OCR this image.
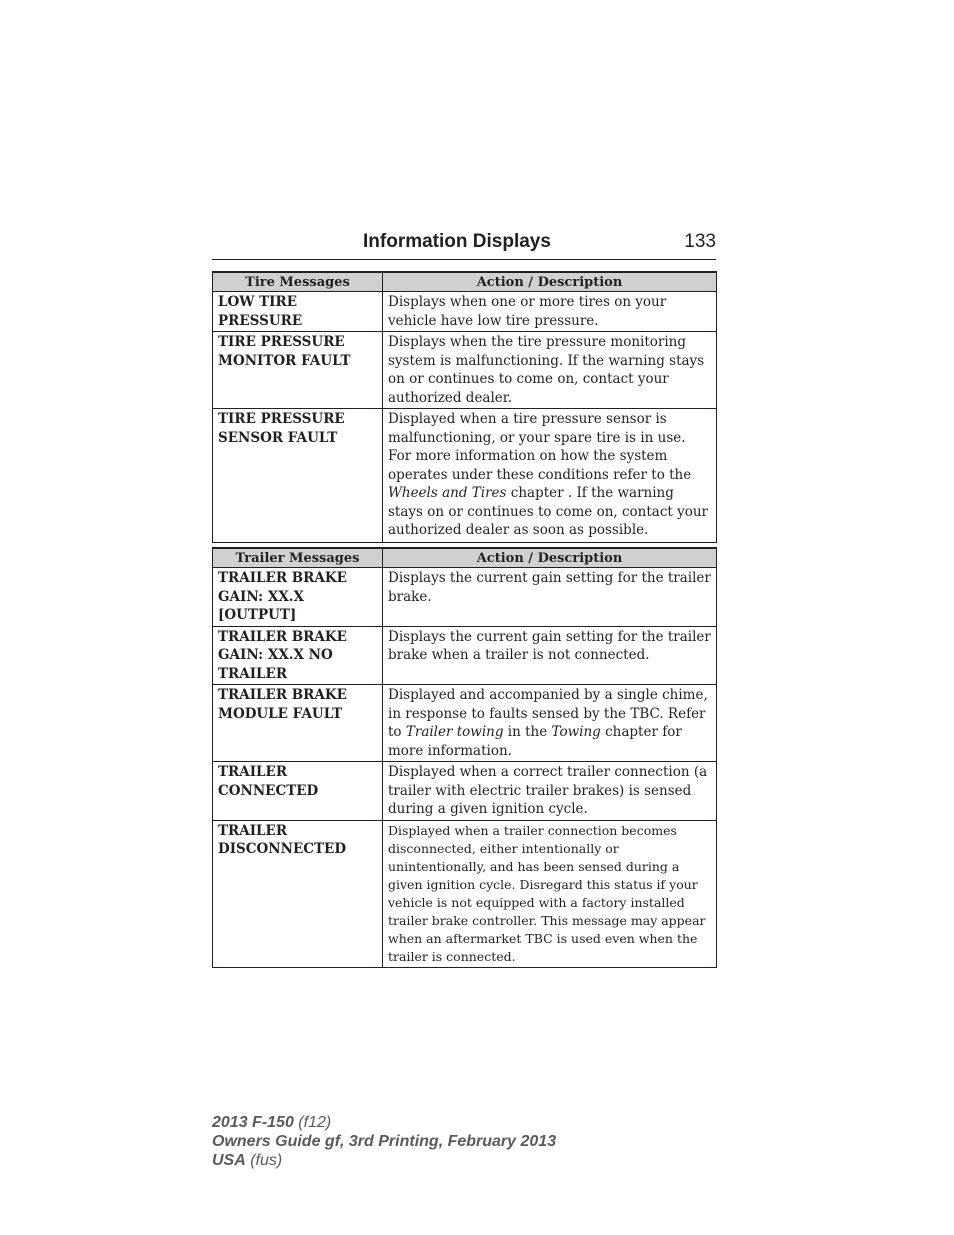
Information Displays	133
Tire Messages	Action / Description
LOW TIRE PRESSURE	Displays when one or more tires on your vehicle have low tire pressure.
TIRE PRESSURE MONITOR FAULT	Displays when the tire pressure monitoring system is malfunctioning. If the warning stays on or continues to come on, contact your authorized dealer.
TIRE PRESSURE SENSOR FAULT	Displayed when a tire pressure sensor is malfunctioning, or your spare tire is in use. For more information on how the system operates under these conditions refer to the Wheels and Tires chapter . If the warning stays on or continues to come on, contact your authorized dealer as soon as possible.
Trailer Messages	Action / Description
TRAILER BRAKE GAIN: XX.X [OUTPUT]	Displays the current gain setting for the trailer brake.
TRAILER BRAKE GAIN: XX.X NO TRAILER	Displays the current gain setting for the trailer brake when a trailer is not connected.
TRAILER BRAKE MODULE FAULT	Displayed and accompanied by a single chime, in response to faults sensed by the TBC. Refer to Trailer towing in the Towing chapter for more information.
TRAILER CONNECTED	Displayed when a correct trailer connection (a trailer with electric trailer brakes) is sensed during a given ignition cycle.
TRAILER DISCONNECTED	Displayed when a trailer connection becomes disconnected, either intentionally or unintentionally, and has been sensed during a given ignition cycle. Disregard this status if your vehicle is not equipped with a factory installed trailer brake controller. This message may appear when an aftermarket TBC is used even when the trailer is connected.
2013 F-150 (f12)
Owners Guide gf, 3rd Printing, February 2013
USA (fus)
